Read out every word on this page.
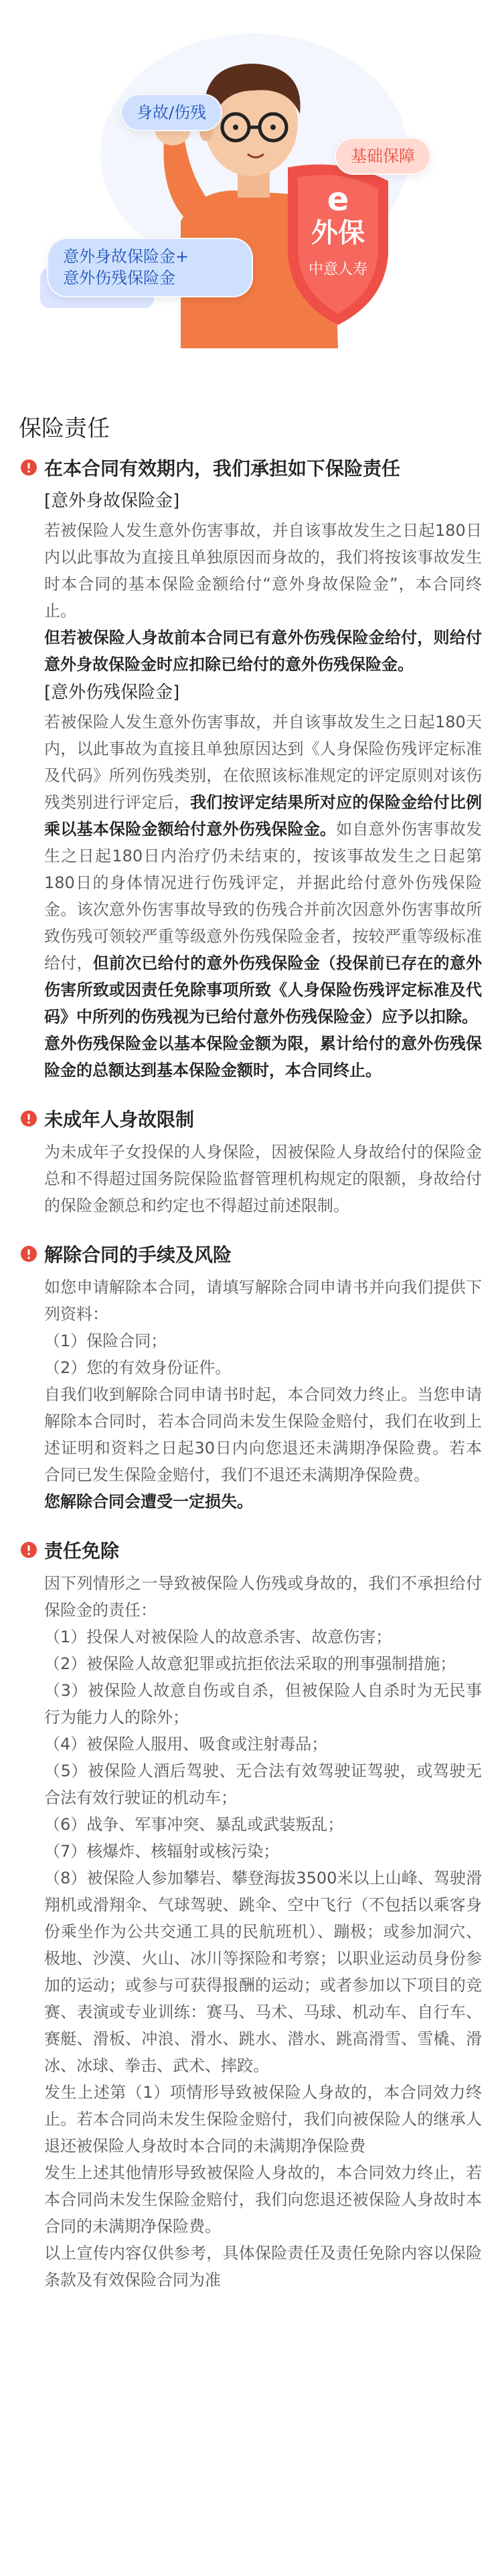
身故/伤残
基础保障
意外身故保险金+
意外伤残保险金
e
外保
中意人寿
保险责任
在本合同有效期内，我们承担如下保险责任
[意外身故保险金]

若被保险人发生意外伤害事故，并自该事故发生之日起180日内以此事故为直接且单独原因而身故的，我们将按该事故发生时本合同的基本保险金额给付“意外身故保险金”，本合同终止。

但若被保险人身故前本合同已有意外伤残保险金给付，则给付意外身故保险金时应扣除已给付的意外伤残保险金。

[意外伤残保险金]

若被保险人发生意外伤害事故，并自该事故发生之日起180天内，以此事故为直接且单独原因达到《人身保险伤残评定标准及代码》所列伤残类别，在依照该标准规定的评定原则对该伤残类别进行评定后，我们按评定结果所对应的保险金给付比例乘以基本保险金额给付意外伤残保险金。如自意外伤害事故发生之日起180日内治疗仍未结束的，按该事故发生之日起第180日的身体情况进行伤残评定，并据此给付意外伤残保险金。该次意外伤害事故导致的伤残合并前次因意外伤害事故所致伤残可领较严重等级意外伤残保险金者，按较严重等级标准给付，但前次已给付的意外伤残保险金（投保前已存在的意外伤害所致或因责任免除事项所致《人身保险伤残评定标准及代码》中所列的伤残视为已给付意外伤残保险金）应予以扣除。

意外伤残保险金以基本保险金额为限，累计给付的意外伤残保险金的总额达到基本保险金额时，本合同终止。

未成年人身故限制

为未成年子女投保的人身保险，因被保险人身故给付的保险金总和不得超过国务院保险监督管理机构规定的限额，身故给付的保险金额总和约定也不得超过前述限制。

解除合同的手续及风险

如您申请解除本合同，请填写解除合同申请书并向我们提供下列资料：

（1）保险合同；

（2）您的有效身份证件。

自我们收到解除合同申请书时起，本合同效力终止。当您申请解除本合同时，若本合同尚未发生保险金赔付，我们在收到上述证明和资料之日起30日内向您退还未满期净保险费。若本合同已发生保险金赔付，我们不退还未满期净保险费。

您解除合同会遭受一定损失。

责任免除

因下列情形之一导致被保险人伤残或身故的，我们不承担给付保险金的责任：

（1）投保人对被保险人的故意杀害、故意伤害；

（2）被保险人故意犯罪或抗拒依法采取的刑事强制措施；

（3）被保险人故意自伤或自杀，但被保险人自杀时为无民事行为能力人的除外；

（4）被保险人服用、吸食或注射毒品；

（5）被保险人酒后驾驶、无合法有效驾驶证驾驶，或驾驶无合法有效行驶证的机动车；

（6）战争、军事冲突、暴乱或武装叛乱；

（7）核爆炸、核辐射或核污染；

（8）被保险人参加攀岩、攀登海拔3500米以上山峰、驾驶滑翔机或滑翔伞、气球驾驶、跳伞、空中飞行（不包括以乘客身份乘坐作为公共交通工具的民航班机）、蹦极；或参加洞穴、极地、沙漠、火山、冰川等探险和考察；以职业运动员身份参加的运动；或参与可获得报酬的运动；或者参加以下项目的竞赛、表演或专业训练：赛马、马术、马球、机动车、自行车、赛艇、滑板、冲浪、滑水、跳水、潜水、跳高滑雪、雪橇、滑冰、冰球、拳击、武术、摔跤。

发生上述第（1）项情形导致被保险人身故的，本合同效力终止。若本合同尚未发生保险金赔付，我们向被保险人的继承人退还被保险人身故时本合同的未满期净保险费

发生上述其他情形导致被保险人身故的，本合同效力终止，若本合同尚未发生保险金赔付，我们向您退还被保险人身故时本合同的未满期净保险费。

以上宣传内容仅供参考，具体保险责任及责任免除内容以保险条款及有效保险合同为准
